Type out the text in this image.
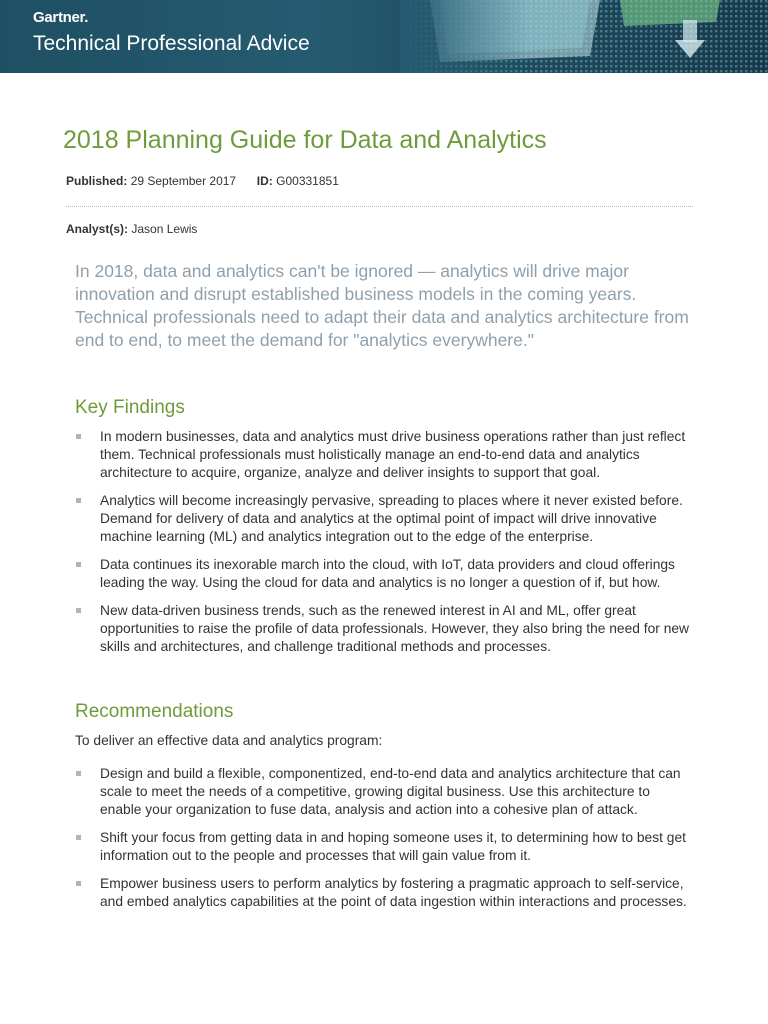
Gartner.
Technical Professional Advice
2018 Planning Guide for Data and Analytics
Published: 29 September 2017 ID: G00331851
Analyst(s): Jason Lewis

In 2018, data and analytics can't be ignored — analytics will drive major innovation and disrupt established business models in the coming years. Technical professionals need to adapt their data and analytics architecture from end to end, to meet the demand for "analytics everywhere."

Key Findings
In modern businesses, data and analytics must drive business operations rather than just reflect them. Technical professionals must holistically manage an end-to-end data and analytics architecture to acquire, organize, analyze and deliver insights to support that goal.
Analytics will become increasingly pervasive, spreading to places where it never existed before. Demand for delivery of data and analytics at the optimal point of impact will drive innovative machine learning (ML) and analytics integration out to the edge of the enterprise.
Data continues its inexorable march into the cloud, with IoT, data providers and cloud offerings leading the way. Using the cloud for data and analytics is no longer a question of if, but how.
New data-driven business trends, such as the renewed interest in AI and ML, offer great opportunities to raise the profile of data professionals. However, they also bring the need for new skills and architectures, and challenge traditional methods and processes.
Recommendations
To deliver an effective data and analytics program:
Design and build a flexible, componentized, end-to-end data and analytics architecture that can scale to meet the needs of a competitive, growing digital business. Use this architecture to enable your organization to fuse data, analysis and action into a cohesive plan of attack.
Shift your focus from getting data in and hoping someone uses it, to determining how to best get information out to the people and processes that will gain value from it.
Empower business users to perform analytics by fostering a pragmatic approach to self-service, and embed analytics capabilities at the point of data ingestion within interactions and processes.
